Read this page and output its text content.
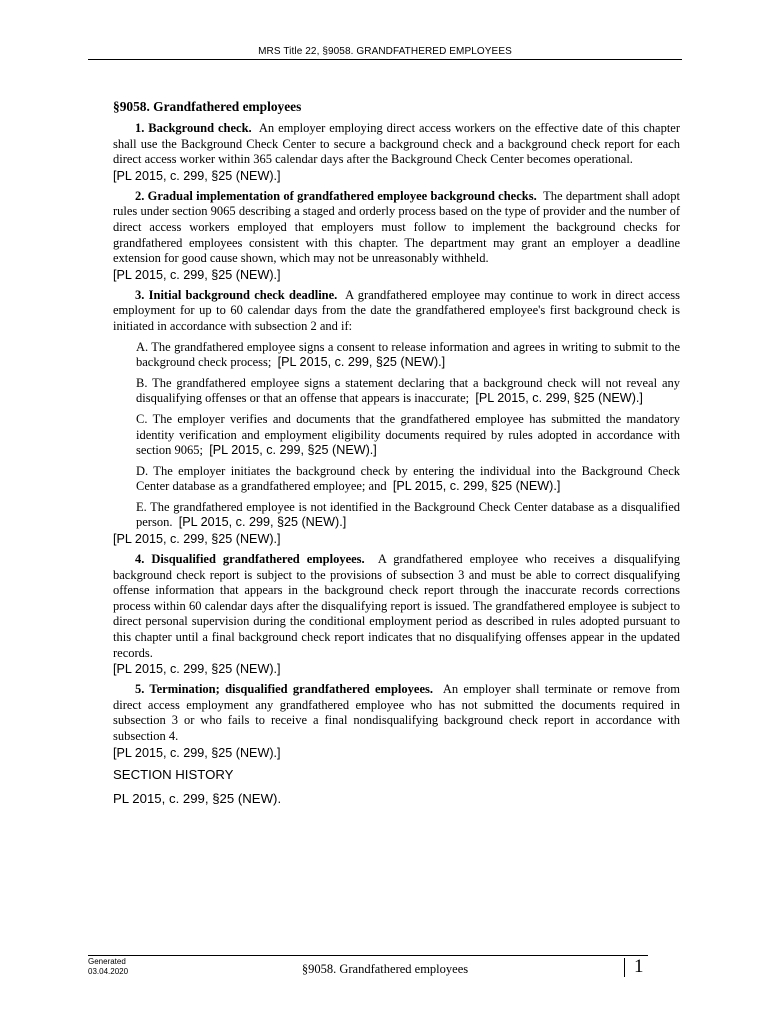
MRS Title 22, §9058. GRANDFATHERED EMPLOYEES
§9058. Grandfathered employees

1. Background check. An employer employing direct access workers on the effective date of this chapter shall use the Background Check Center to secure a background check and a background check report for each direct access worker within 365 calendar days after the Background Check Center becomes operational.

[PL 2015, c. 299, §25 (NEW).]

2. Gradual implementation of grandfathered employee background checks. The department shall adopt rules under section 9065 describing a staged and orderly process based on the type of provider and the number of direct access workers employed that employers must follow to implement the background checks for grandfathered employees consistent with this chapter. The department may grant an employer a deadline extension for good cause shown, which may not be unreasonably withheld.

[PL 2015, c. 299, §25 (NEW).]

3. Initial background check deadline. A grandfathered employee may continue to work in direct access employment for up to 60 calendar days from the date the grandfathered employee's first background check is initiated in accordance with subsection 2 and if:

A. The grandfathered employee signs a consent to release information and agrees in writing to submit to the background check process; [PL 2015, c. 299, §25 (NEW).]

B. The grandfathered employee signs a statement declaring that a background check will not reveal any disqualifying offenses or that an offense that appears is inaccurate; [PL 2015, c. 299, §25 (NEW).]

C. The employer verifies and documents that the grandfathered employee has submitted the mandatory identity verification and employment eligibility documents required by rules adopted in accordance with section 9065; [PL 2015, c. 299, §25 (NEW).]

D. The employer initiates the background check by entering the individual into the Background Check Center database as a grandfathered employee; and [PL 2015, c. 299, §25 (NEW).]

E. The grandfathered employee is not identified in the Background Check Center database as a disqualified person. [PL 2015, c. 299, §25 (NEW).]

[PL 2015, c. 299, §25 (NEW).]

4. Disqualified grandfathered employees. A grandfathered employee who receives a disqualifying background check report is subject to the provisions of subsection 3 and must be able to correct disqualifying offense information that appears in the background check report through the inaccurate records corrections process within 60 calendar days after the disqualifying report is issued. The grandfathered employee is subject to direct personal supervision during the conditional employment period as described in rules adopted pursuant to this chapter until a final background check report indicates that no disqualifying offenses appear in the updated records.

[PL 2015, c. 299, §25 (NEW).]

5. Termination; disqualified grandfathered employees. An employer shall terminate or remove from direct access employment any grandfathered employee who has not submitted the documents required in subsection 3 or who fails to receive a final nondisqualifying background check report in accordance with subsection 4.

[PL 2015, c. 299, §25 (NEW).]
SECTION HISTORY
PL 2015, c. 299, §25 (NEW).
Generated
03.04.2020	§9058. Grandfathered employees	1
